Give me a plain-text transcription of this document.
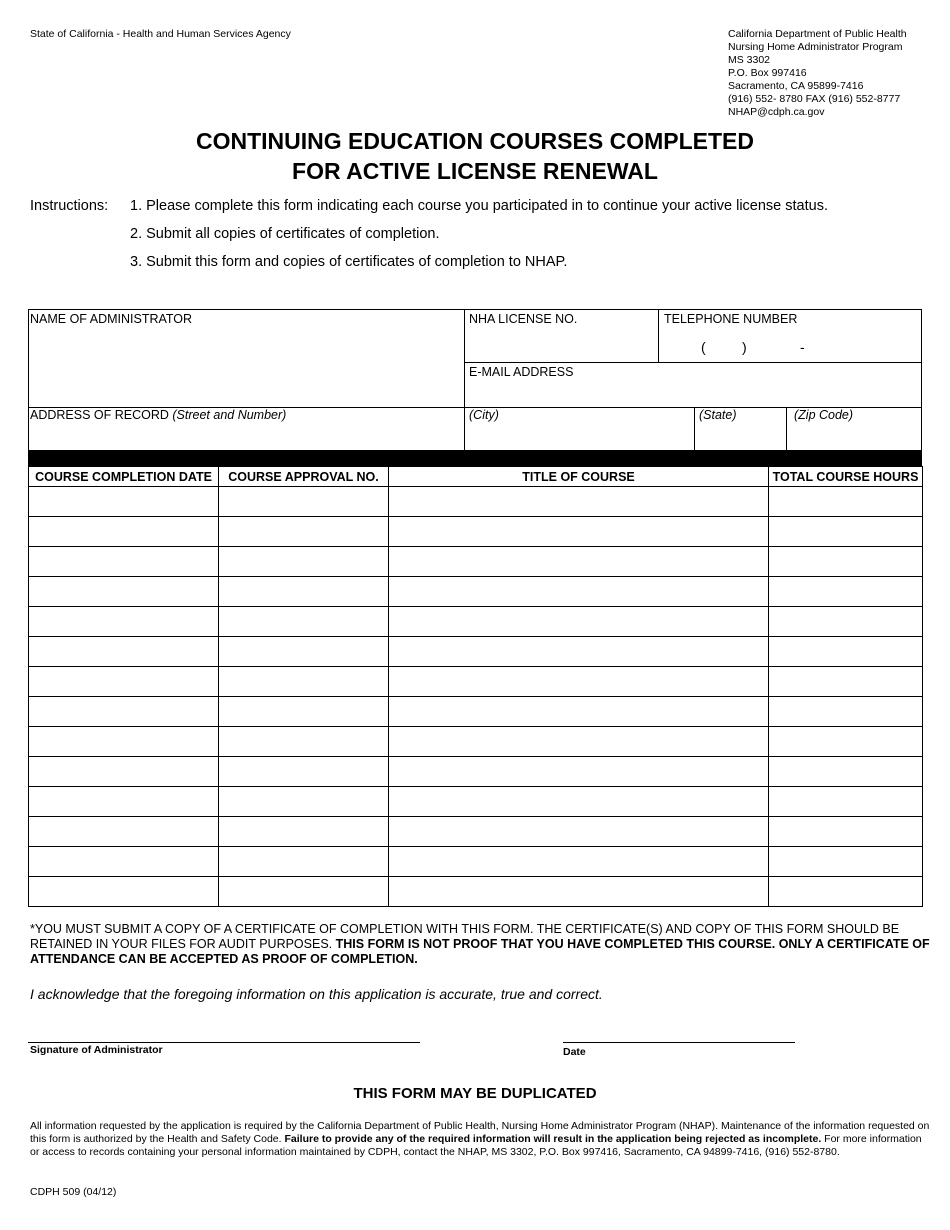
State of California - Health and Human Services Agency	California Department of Public Health
Nursing Home Administrator Program
MS 3302
P.O. Box 997416
Sacramento, CA 95899-7416
(916) 552- 8780 FAX (916) 552-8777
NHAP@cdph.ca.gov
CONTINUING EDUCATION COURSES COMPLETED
FOR ACTIVE LICENSE RENEWAL
Instructions: 1. Please complete this form indicating each course you participated in to continue your active license status.
2. Submit all copies of certificates of completion.
3. Submit this form and copies of certificates of completion to NHAP.
NAME OF ADMINISTRATOR	NHA LICENSE NO.	TELEPHONE NUMBER
(	)	-
E-MAIL ADDRESS
ADDRESS OF RECORD (Street and Number)	(City)	(State)	(Zip Code)
COURSE COMPLETION DATE	COURSE APPROVAL NO.	TITLE OF COURSE	TOTAL COURSE HOURS

*YOU MUST SUBMIT A COPY OF A CERTIFICATE OF COMPLETION WITH THIS FORM. THE CERTIFICATE(S) AND COPY OF THIS FORM SHOULD BE RETAINED IN YOUR FILES FOR AUDIT PURPOSES. THIS FORM IS NOT PROOF THAT YOU HAVE COMPLETED THIS COURSE. ONLY A CERTIFICATE OF ATTENDANCE CAN BE ACCEPTED AS PROOF OF COMPLETION.
I acknowledge that the foregoing information on this application is accurate, true and correct.
Signature of Administrator	Date
THIS FORM MAY BE DUPLICATED
All information requested by the application is required by the California Department of Public Health, Nursing Home Administrator Program (NHAP). Maintenance of the information requested on this form is authorized by the Health and Safety Code. Failure to provide any of the required information will result in the application being rejected as incomplete. For more information or access to records containing your personal information maintained by CDPH, contact the NHAP, MS 3302, P.O. Box 997416, Sacramento, CA 94899-7416, (916) 552-8780.
CDPH 509 (04/12)
